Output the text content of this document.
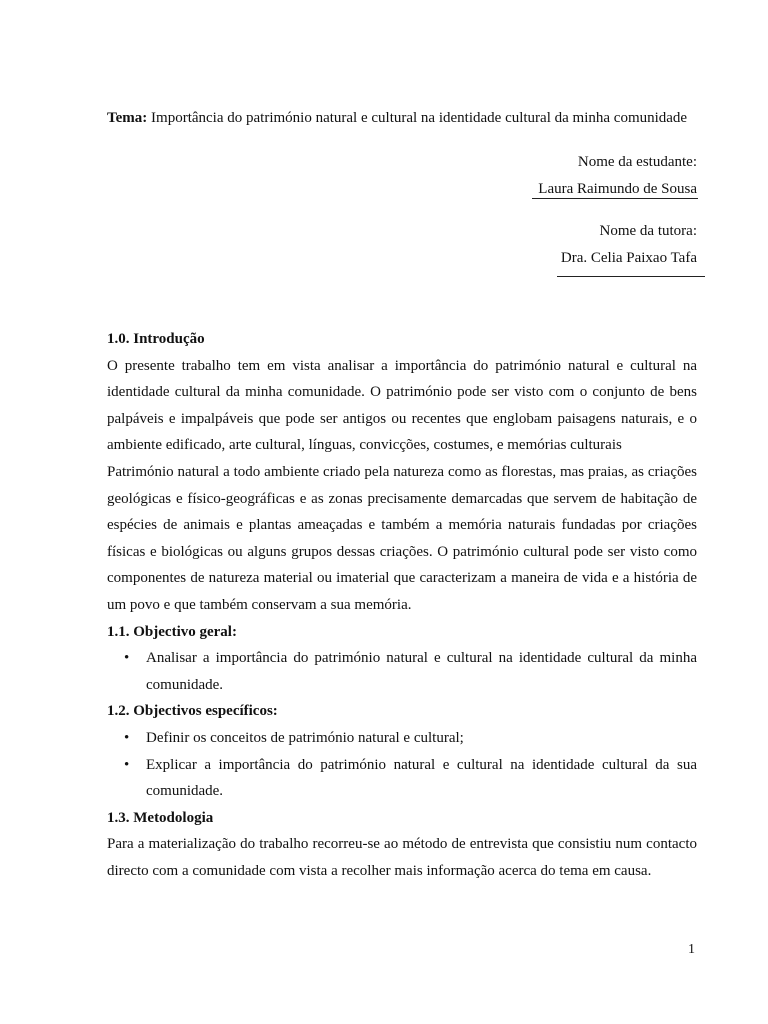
Tema: Importância do património natural e cultural na identidade cultural da minha comunidade
Nome da estudante:
Laura Raimundo de Sousa
Nome da tutora:
Dra. Celia Paixao Tafa
1.0. Introdução

O presente trabalho tem em vista analisar a importância do património natural e cultural na identidade cultural da minha comunidade. O património pode ser visto com o conjunto de bens palpáveis e impalpáveis que pode ser antigos ou recentes que englobam paisagens naturais, e o ambiente edificado, arte cultural, línguas, convicções, costumes, e memórias culturais

Património natural a todo ambiente criado pela natureza como as florestas, mas praias, as criações geológicas e físico-geográficas e as zonas precisamente demarcadas que servem de habitação de espécies de animais e plantas ameaçadas e também a memória naturais fundadas por criações físicas e biológicas ou alguns grupos dessas criações. O património cultural pode ser visto como componentes de natureza material ou imaterial que caracterizam a maneira de vida e a história de um povo e que também conservam a sua memória.

1.1. Objectivo geral:
• Analisar a importância do património natural e cultural na identidade cultural da minha comunidade.
1.2. Objectivos específicos:
• Definir os conceitos de património natural e cultural;
• Explicar a importância do património natural e cultural na identidade cultural da sua comunidade.
1.3. Metodologia

Para a materialização do trabalho recorreu-se ao método de entrevista que consistiu num contacto directo com a comunidade com vista a recolher mais informação acerca do tema em causa.

1
